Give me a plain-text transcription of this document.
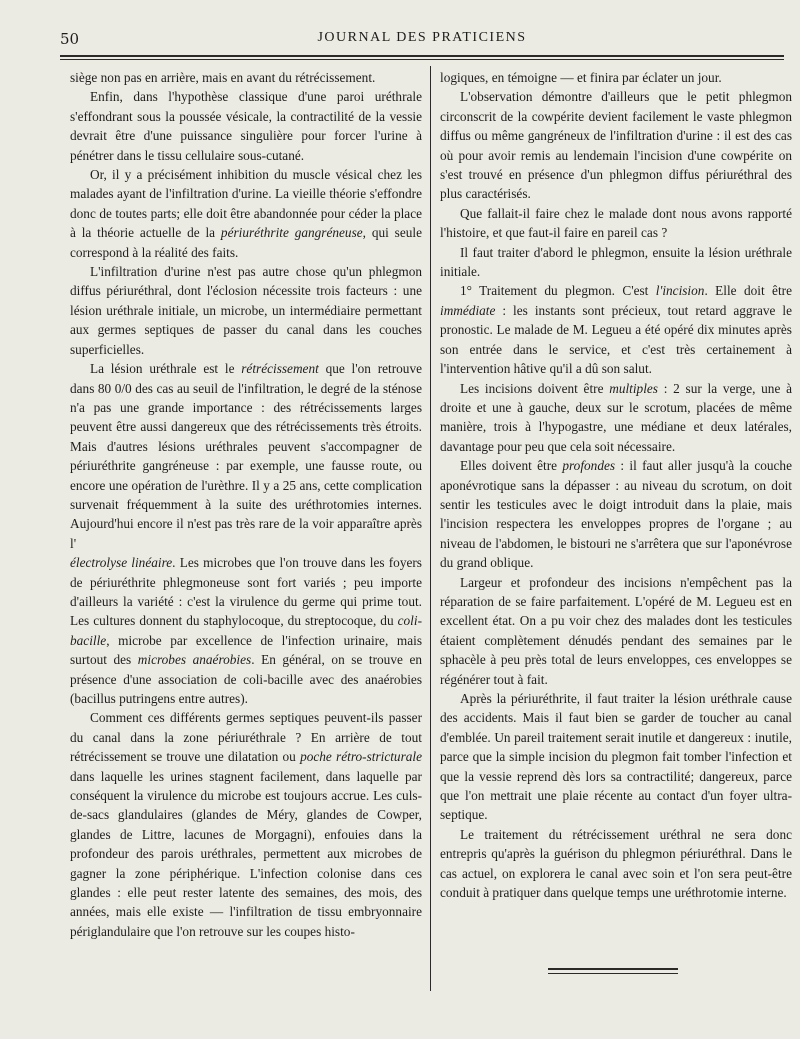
50	JOURNAL DES PRATICIENS

siège non pas en arrière, mais en avant du rétrécissement.

Enfin, dans l'hypothèse classique d'une paroi uréthrale s'effondrant sous la poussée vésicale, la contractilité de la vessie devrait être d'une puissance singulière pour forcer l'urine à pénétrer dans le tissu cellulaire sous-cutané.

Or, il y a précisément inhibition du muscle vésical chez les malades ayant de l'infiltration d'urine. La vieille théorie s'effondre donc de toutes parts; elle doit être abandonnée pour céder la place à la théorie actuelle de la périuréthrite gangréneuse, qui seule correspond à la réalité des faits.

L'infiltration d'urine n'est pas autre chose qu'un phlegmon diffus périuréthral, dont l'éclosion nécessite trois facteurs : une lésion uréthrale initiale, un microbe, un intermédiaire permettant aux germes septiques de passer du canal dans les couches superficielles.

La lésion uréthrale est le rétrécissement que l'on retrouve dans 80 0/0 des cas au seuil de l'infiltration, le degré de la sténose n'a pas une grande importance : des rétrécissements larges peuvent être aussi dangereux que des rétrécissements très étroits. Mais d'autres lésions uréthrales peuvent s'accompagner de périuréthrite gangréneuse : par exemple, une fausse route, ou encore une opération de l'urèthre. Il y a 25 ans, cette complication survenait fréquemment à la suite des uréthrotomies internes. Aujourd'hui encore il n'est pas très rare de la voir apparaître après l'

électrolyse linéaire. Les microbes que l'on trouve dans les foyers de périuréthrite phlegmoneuse sont fort variés ; peu importe d'ailleurs la variété : c'est la virulence du germe qui prime tout. Les cultures donnent du staphylocoque, du streptocoque, du coli-bacille, microbe par excellence de l'infection urinaire, mais surtout des microbes anaérobies. En général, on se trouve en présence d'une association de coli-bacille avec des anaérobies (bacillus putringens entre autres).

Comment ces différents germes septiques peuvent-ils passer du canal dans la zone périuréthrale ? En arrière de tout rétrécissement se trouve une dilatation ou poche rétro-stricturale dans laquelle les urines stagnent facilement, dans laquelle par conséquent la virulence du microbe est toujours accrue. Les culs-de-sacs glandulaires (glandes de Méry, glandes de Cowper, glandes de Littre, lacunes de Morgagni), enfouies dans la profondeur des parois uréthrales, permettent aux microbes de gagner la zone périphérique. L'infection colonise dans ces glandes : elle peut rester latente des semaines, des mois, des années, mais elle existe — l'infiltration de tissu embryonnaire périglandulaire que l'on retrouve sur les coupes histo-

logiques, en témoigne — et finira par éclater un jour.

L'observation démontre d'ailleurs que le petit phlegmon circonscrit de la cowpérite devient facilement le vaste phlegmon diffus ou même gangréneux de l'infiltration d'urine : il est des cas où pour avoir remis au lendemain l'incision d'une cowpérite on s'est trouvé en présence d'un phlegmon diffus périuréthral des plus caractérisés.

Que fallait-il faire chez le malade dont nous avons rapporté l'histoire, et que faut-il faire en pareil cas ?

Il faut traiter d'abord le phlegmon, ensuite la lésion uréthrale initiale.

1° Traitement du plegmon. C'est l'incision. Elle doit être immédiate : les instants sont précieux, tout retard aggrave le pronostic. Le malade de M. Legueu a été opéré dix minutes après son entrée dans le service, et c'est très certainement à l'intervention hâtive qu'il a dû son salut.

Les incisions doivent être multiples : 2 sur la verge, une à droite et une à gauche, deux sur le scrotum, placées de même manière, trois à l'hypogastre, une médiane et deux latérales, davantage pour peu que cela soit nécessaire.

Elles doivent être profondes : il faut aller jusqu'à la couche aponévrotique sans la dépasser : au niveau du scrotum, on doit sentir les testicules avec le doigt introduit dans la plaie, mais l'incision respectera les enveloppes propres de l'organe ; au niveau de l'abdomen, le bistouri ne s'arrêtera que sur l'aponévrose du grand oblique.

Largeur et profondeur des incisions n'empêchent pas la réparation de se faire parfaitement. L'opéré de M. Legueu est en excellent état. On a pu voir chez des malades dont les testicules étaient complètement dénudés pendant des semaines par le sphacèle à peu près total de leurs enveloppes, ces enveloppes se régénérer tout à fait.

Après la périuréthrite, il faut traiter la lésion uréthrale cause des accidents. Mais il faut bien se garder de toucher au canal d'emblée. Un pareil traitement serait inutile et dangereux : inutile, parce que la simple incision du plegmon fait tomber l'infection et que la vessie reprend dès lors sa contractilité; dangereux, parce que l'on mettrait une plaie récente au contact d'un foyer ultra-septique.

Le traitement du rétrécissement uréthral ne sera donc entrepris qu'après la guérison du phlegmon périuréthral. Dans le cas actuel, on explorera le canal avec soin et l'on sera peut-être conduit à pratiquer dans quelque temps une uréthrotomie interne.
